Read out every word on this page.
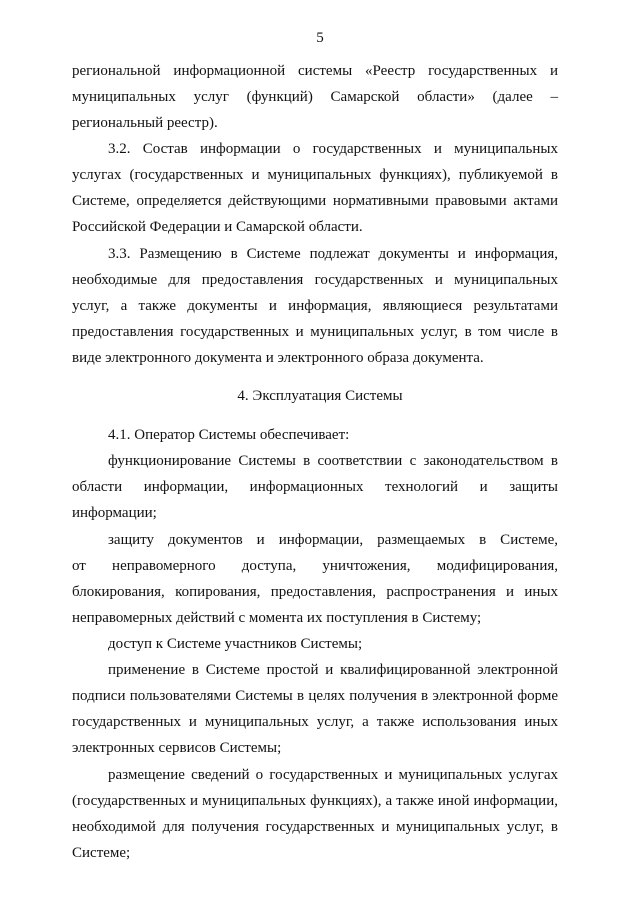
5
региональной информационной системы «Реестр государственных и
муниципальных услуг (функций) Самарской области» (далее –
региональный реестр).
3.2. Состав информации о государственных и муниципальных
услугах (государственных и муниципальных функциях), публикуемой в
Системе, определяется действующими нормативными правовыми актами
Российской Федерации и Самарской области.
3.3. Размещению в Системе подлежат документы и информация,
необходимые для предоставления государственных и муниципальных
услуг, а также документы и информация, являющиеся результатами
предоставления государственных и муниципальных услуг, в том числе в
виде электронного документа и электронного образа документа.
4. Эксплуатация Системы
4.1. Оператор Системы обеспечивает:
функционирование Системы в соответствии с законодательством в
области информации, информационных технологий и защиты
информации;
защиту документов и информации, размещаемых в Системе,
от неправомерного доступа, уничтожения, модифицирования,
блокирования, копирования, предоставления, распространения и иных
неправомерных действий с момента их поступления в Систему;
доступ к Системе участников Системы;
применение в Системе простой и квалифицированной электронной
подписи пользователями Системы в целях получения в электронной форме
государственных и муниципальных услуг, а также использования иных
электронных сервисов Системы;
размещение сведений о государственных и муниципальных услугах
(государственных и муниципальных функциях), а также иной информации,
необходимой для получения государственных и муниципальных услуг, в
Системе;
